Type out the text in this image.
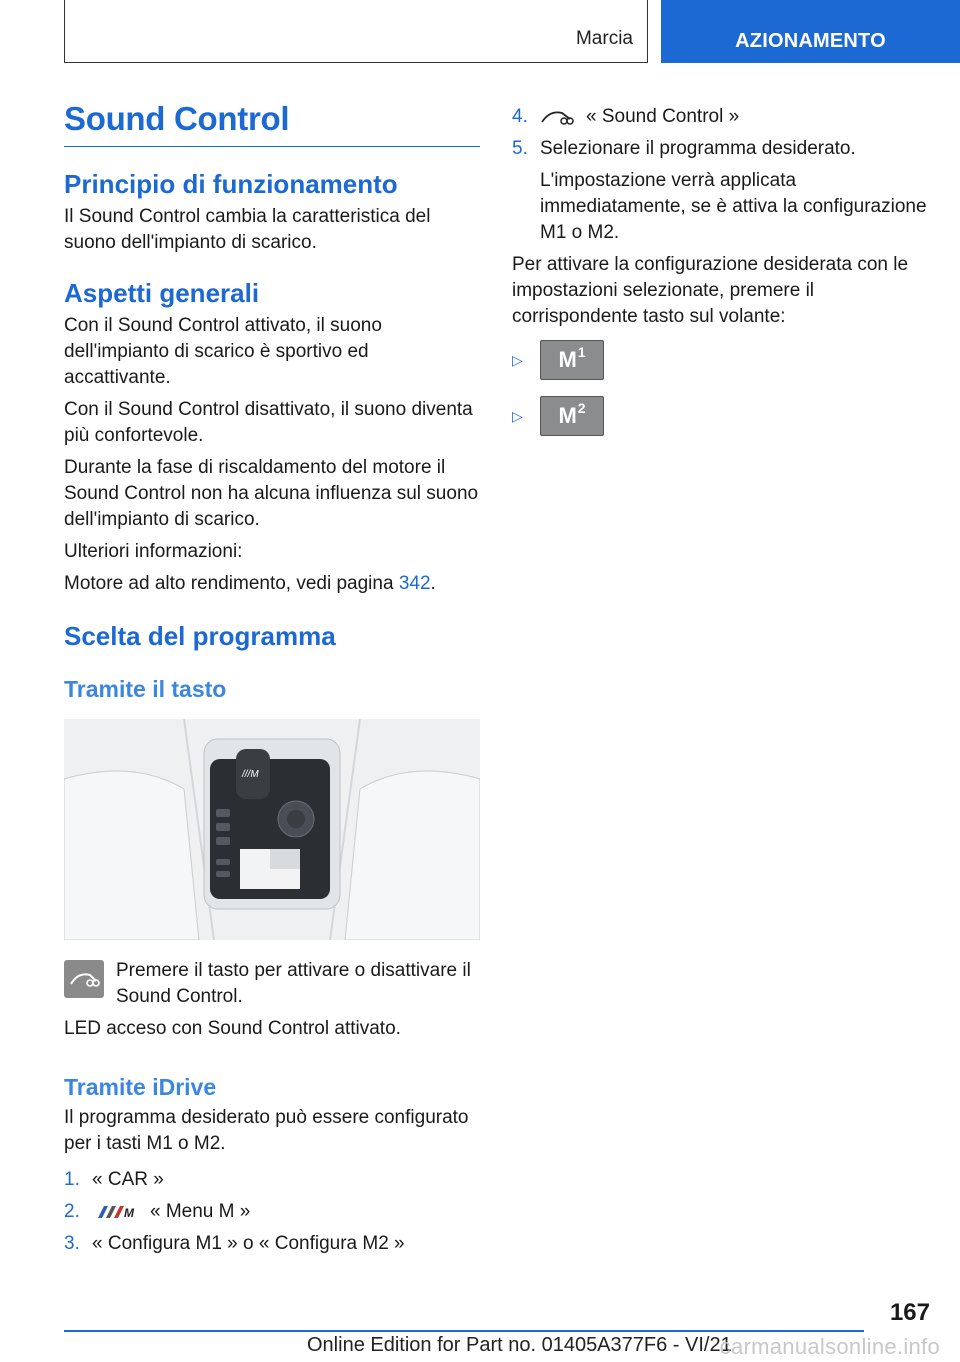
Marcia	AZIONAMENTO
Sound Control
Principio di funzionamento

Il Sound Control cambia la caratteristica del suono dell'impianto di scarico.

Aspetti generali

Con il Sound Control attivato, il suono dell'impianto di scarico è sportivo ed accattivante.

Con il Sound Control disattivato, il suono diventa più confortevole.

Durante la fase di riscaldamento del motore il Sound Control non ha alcuna influenza sul suono dell'impianto di scarico.

Ulteriori informazioni:

Motore ad alto rendimento, vedi pagina 342.

Scelta del programma
Tramite il tasto
///M

Premere il tasto per attivare o disattivare il Sound Control.

LED acceso con Sound Control attivato.

Tramite iDrive

Il programma desiderato può essere configurato per i tasti M1 o M2.

1. « CAR »
2.	M « Menu M »
3. « Configura M1 » o « Configura M2 »
4.	« Sound Control »
5. Selezionare il programma desiderato.

L'impostazione verrà applicata immediatamente, se è attiva la configurazione M1 o M2.

Per attivare la configurazione desiderata con le impostazioni selezionate, premere il corrispondente tasto sul volante:

▷	$M^1$
▷	$M^2$
167
Online Edition for Part no. 01405A377F6 - VI/21
carmanualsonline.info
